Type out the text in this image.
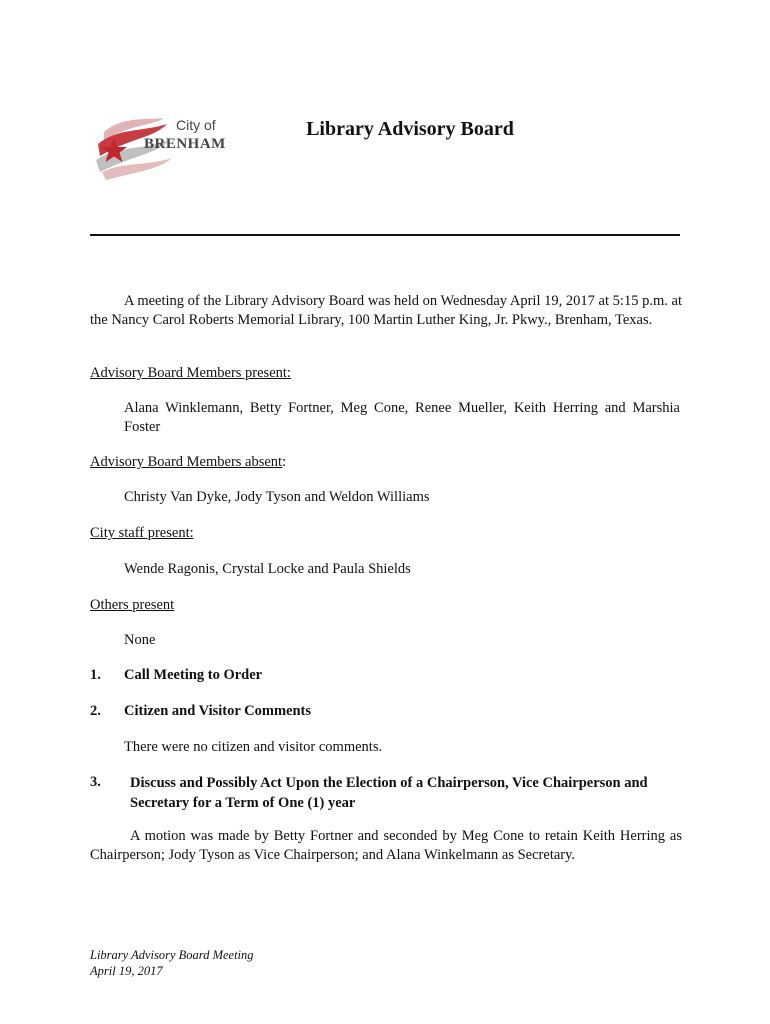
City of
BRENHAM
Library Advisory Board
A meeting of the Library Advisory Board was held on Wednesday April 19, 2017 at 5:15 p.m. at the Nancy Carol Roberts Memorial Library, 100 Martin Luther King, Jr. Pkwy., Brenham, Texas.
Advisory Board Members present:
Alana Winklemann, Betty Fortner, Meg Cone, Renee Mueller, Keith Herring and Marshia Foster
Advisory Board Members absent:
Christy Van Dyke, Jody Tyson and Weldon Williams
City staff present:
Wende Ragonis, Crystal Locke and Paula Shields
Others present
None
1. Call Meeting to Order
2. Citizen and Visitor Comments
There were no citizen and visitor comments.
3. Discuss and Possibly Act Upon the Election of a Chairperson, Vice Chairperson and Secretary for a Term of One (1) year
A motion was made by Betty Fortner and seconded by Meg Cone to retain Keith Herring as Chairperson; Jody Tyson as Vice Chairperson; and Alana Winkelmann as Secretary.
Library Advisory Board Meeting
April 19, 2017
